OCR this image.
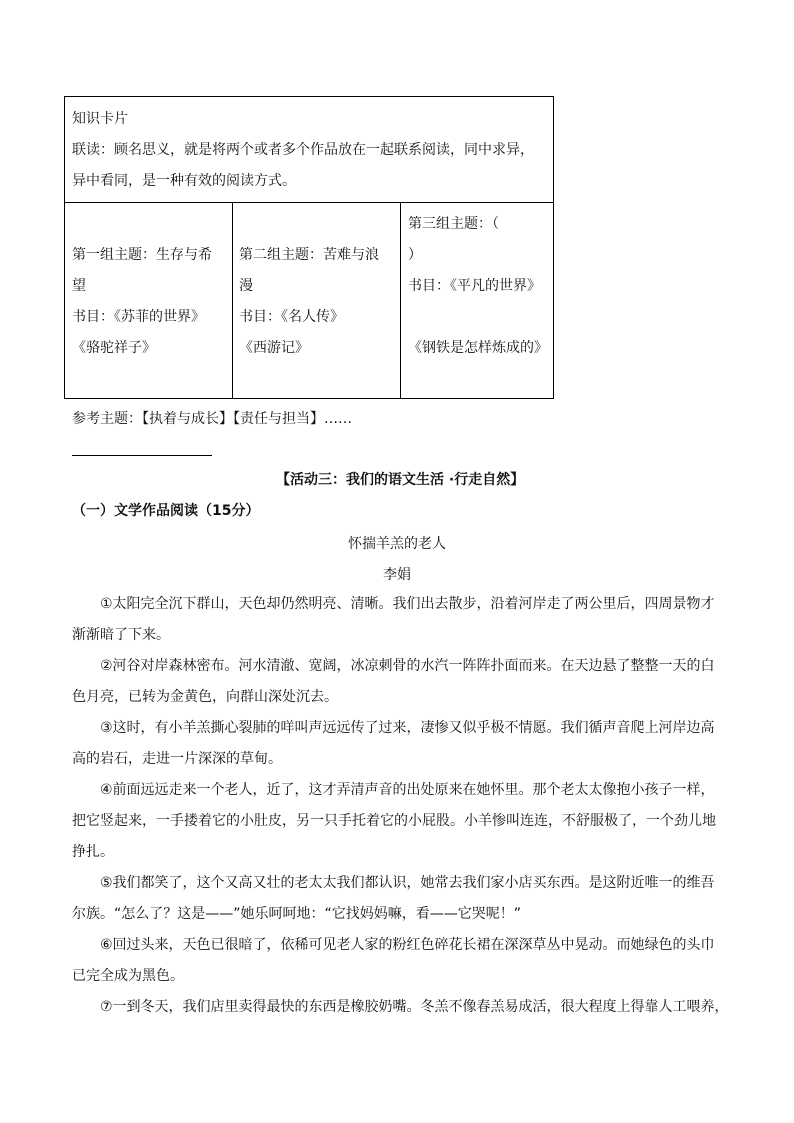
知识卡片
联读：顾名思义，就是将两个或者多个作品放在一起联系阅读，同中求异，
异中看同，是一种有效的阅读方式。
第一组主题：生存与希
望
书目：《苏菲的世界》
《骆驼祥子》
第二组主题：苦难与浪
漫
书目：《名人传》
《西游记》
第三组主题：（
）
书目：《平凡的世界》
《钢铁是怎样炼成的》
参考主题：【执着与成长】【责任与担当】……
【活动三：我们的语文生活 ·行走自然】
（一）文学作品阅读（15分）
怀揣羊羔的老人
李娟
①太阳完全沉下群山，天色却仍然明亮、清晰。我们出去散步，沿着河岸走了两公里后，四周景物才
渐渐暗了下来。
②河谷对岸森林密布。河水清澈、宽阔，冰凉刺骨的水汽一阵阵扑面而来。在天边悬了整整一天的白
色月亮，已转为金黄色，向群山深处沉去。
③这时，有小羊羔撕心裂肺的咩叫声远远传了过来，凄惨又似乎极不情愿。我们循声音爬上河岸边高
高的岩石，走进一片深深的草甸。
④前面远远走来一个老人，近了，这才弄清声音的出处原来在她怀里。那个老太太像抱小孩子一样，
把它竖起来，一手搂着它的小肚皮，另一只手托着它的小屁股。小羊惨叫连连，不舒服极了，一个劲儿地
挣扎。
⑤我们都笑了，这个又高又壮的老太太我们都认识，她常去我们家小店买东西。是这附近唯一的维吾
尔族。“怎么了？这是——”她乐呵呵地：“它找妈妈嘛，看——它哭呢！”
⑥回过头来，天色已很暗了，依稀可见老人家的粉红色碎花长裙在深深草丛中晃动。而她绿色的头巾
已完全成为黑色。
⑦一到冬天，我们店里卖得最快的东西是橡胶奶嘴。冬羔不像春羔易成活，很大程度上得靠人工喂养，
